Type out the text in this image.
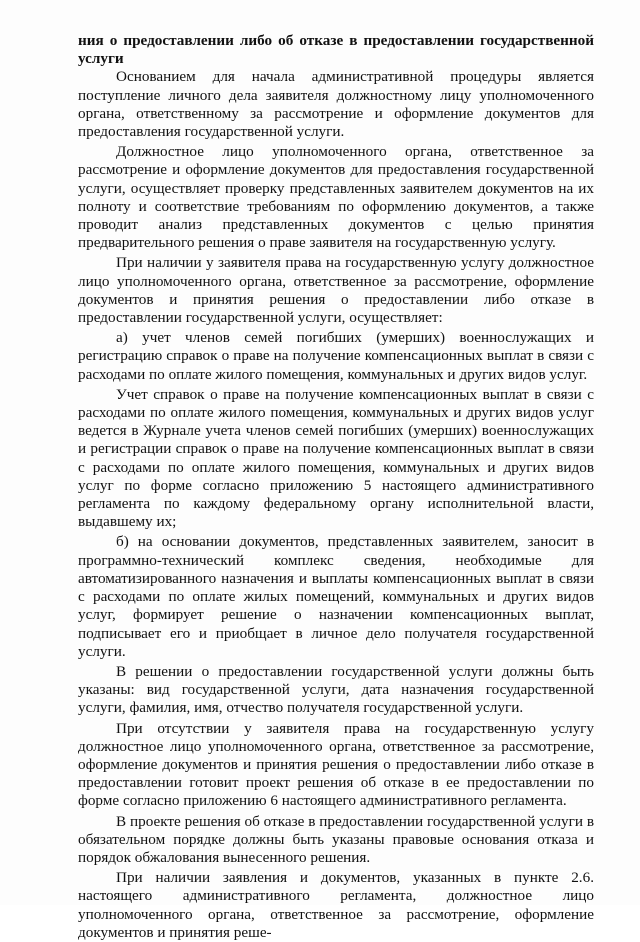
ния о предоставлении либо об отказе в предоставлении государственной услуги

Основанием для начала административной процедуры является поступление личного дела заявителя должностному лицу уполномоченного органа, ответственному за рассмотрение и оформление документов для предоставления государственной услуги.

Должностное лицо уполномоченного органа, ответственное за рассмотрение и оформление документов для предоставления государственной услуги, осуществляет проверку представленных заявителем документов на их полноту и соответствие требованиям по оформлению документов, а также проводит анализ представленных документов с целью принятия предварительного решения о праве заявителя на государственную услугу.

При наличии у заявителя права на государственную услугу должностное лицо уполномоченного органа, ответственное за рассмотрение, оформление документов и принятия решения о предоставлении либо отказе в предоставлении государственной услуги, осуществляет:

а) учет членов семей погибших (умерших) военнослужащих и регистрацию справок о праве на получение компенсационных выплат в связи с расходами по оплате жилого помещения, коммунальных и других видов услуг.

Учет справок о праве на получение компенсационных выплат в связи с расходами по оплате жилого помещения, коммунальных и других видов услуг ведется в Журнале учета членов семей погибших (умерших) военнослужащих и регистрации справок о праве на получение компенсационных выплат в связи с расходами по оплате жилого помещения, коммунальных и других видов услуг по форме согласно приложению 5 настоящего административного регламента по каждому федеральному органу исполнительной власти, выдавшему их;

б) на основании документов, представленных заявителем, заносит в программно-технический комплекс сведения, необходимые для автоматизированного назначения и выплаты компенсационных выплат в связи с расходами по оплате жилых помещений, коммунальных и других видов услуг, формирует решение о назначении компенсационных выплат, подписывает его и приобщает в личное дело получателя государственной услуги.

В решении о предоставлении государственной услуги должны быть указаны: вид государственной услуги, дата назначения государственной услуги, фамилия, имя, отчество получателя государственной услуги.

При отсутствии у заявителя права на государственную услугу должностное лицо уполномоченного органа, ответственное за рассмотрение, оформление документов и принятия решения о предоставлении либо отказе в предоставлении готовит проект решения об отказе в ее предоставлении по форме согласно приложению 6 настоящего административного регламента.

В проекте решения об отказе в предоставлении государственной услуги в обязательном порядке должны быть указаны правовые основания отказа и порядок обжалования вынесенного решения.

При наличии заявления и документов, указанных в пункте 2.6. настоящего административного регламента, должностное лицо уполномоченного органа, ответственное за рассмотрение, оформление документов и принятия реше-
